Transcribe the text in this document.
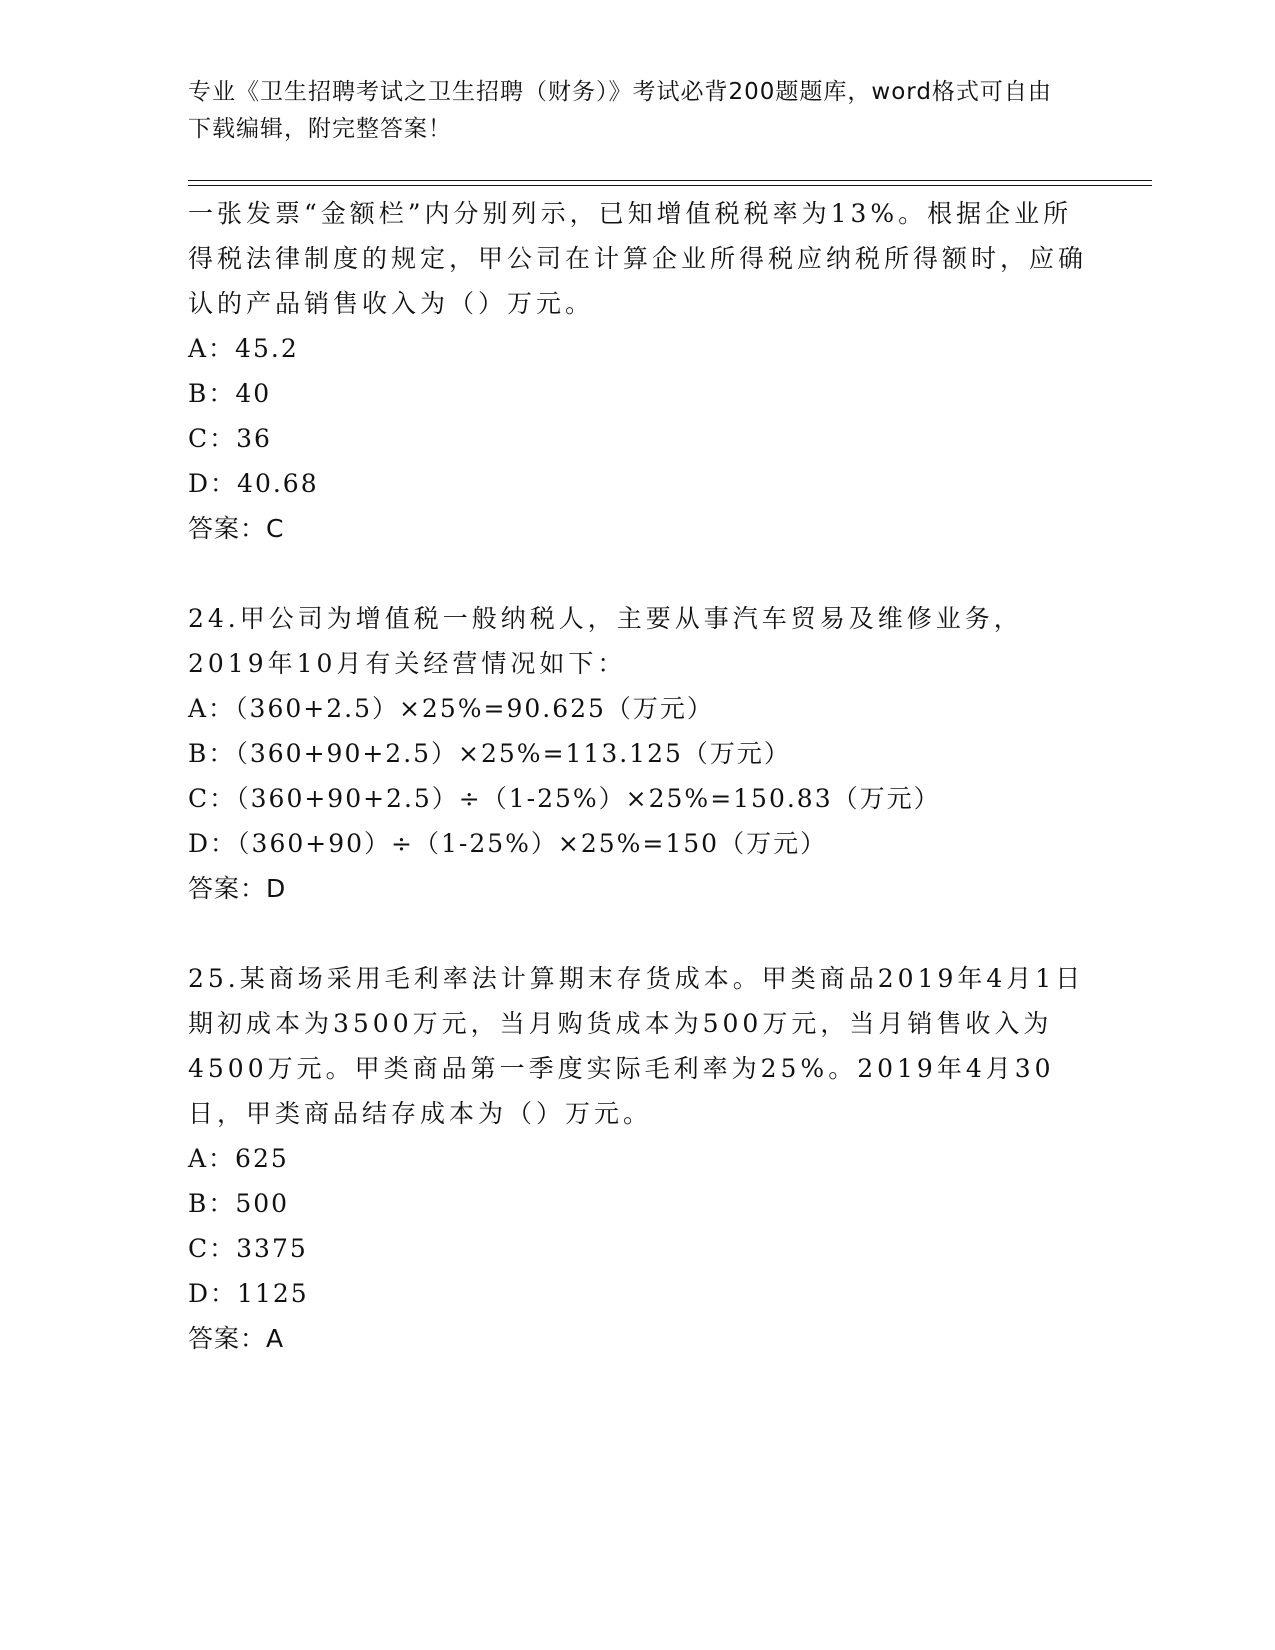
专业《卫生招聘考试之卫生招聘（财务）》考试必背200题题库，word格式可自由下载编辑，附完整答案！

一张发票“金额栏”内分别列示，已知增值税税率为13%。根据企业所得税法律制度的规定，甲公司在计算企业所得税应纳税所得额时，应确认的产品销售收入为（）万元。

A：45.2

B：40

C：36

D：40.68

答案：C

24.甲公司为增值税一般纳税人，主要从事汽车贸易及维修业务，2019年10月有关经营情况如下：

A：（360+2.5）×25%=90.625（万元）

B：（360+90+2.5）×25%=113.125（万元）

C：（360+90+2.5）÷（1-25%）×25%=150.83（万元）

D：（360+90）÷（1-25%）×25%=150（万元）

答案：D

25.某商场采用毛利率法计算期末存货成本。甲类商品2019年4月1日期初成本为3500万元，当月购货成本为500万元，当月销售收入为4500万元。甲类商品第一季度实际毛利率为25%。2019年4月30日，甲类商品结存成本为（）万元。

A：625

B：500

C：3375

D：1125

答案：A
